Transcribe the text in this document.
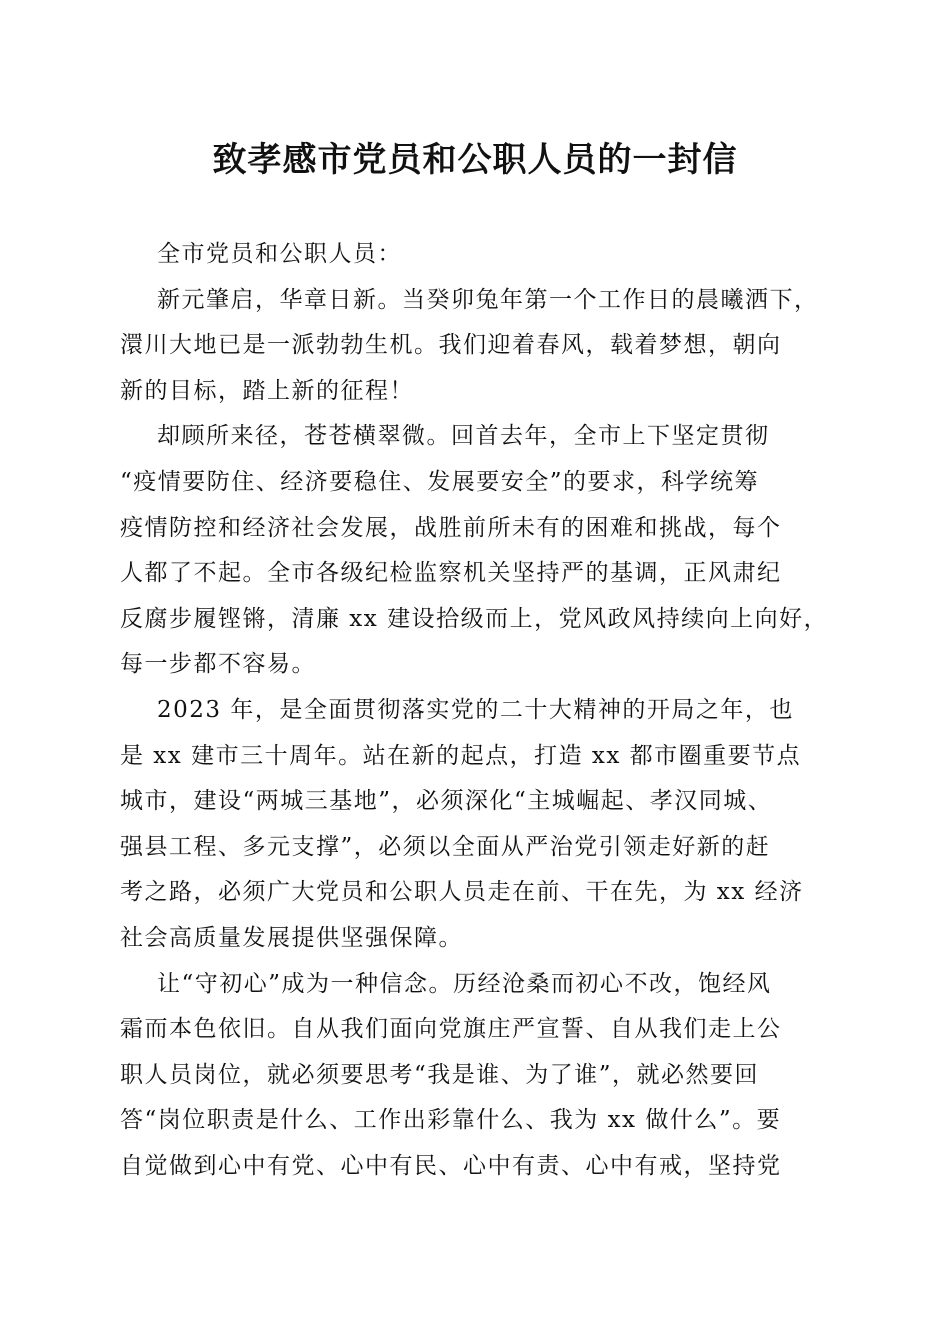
致孝感市党员和公职人员的一封信
全市党员和公职人员：
新元肇启，华章日新。当癸卯兔年第一个工作日的晨曦洒下，
澴川大地已是一派勃勃生机。我们迎着春风，载着梦想，朝向
新的目标，踏上新的征程！
却顾所来径，苍苍横翠微。回首去年，全市上下坚定贯彻
“疫情要防住、经济要稳住、发展要安全”的要求，科学统筹
疫情防控和经济社会发展，战胜前所未有的困难和挑战，每个
人都了不起。全市各级纪检监察机关坚持严的基调，正风肃纪
反腐步履铿锵，清廉 xx 建设拾级而上，党风政风持续向上向好，
每一步都不容易。
2023 年，是全面贯彻落实党的二十大精神的开局之年，也
是 xx 建市三十周年。站在新的起点，打造 xx 都市圈重要节点
城市，建设“两城三基地”，必须深化“主城崛起、孝汉同城、
强县工程、多元支撑”，必须以全面从严治党引领走好新的赶
考之路，必须广大党员和公职人员走在前、干在先，为 xx 经济
社会高质量发展提供坚强保障。
让“守初心”成为一种信念。历经沧桑而初心不改，饱经风
霜而本色依旧。自从我们面向党旗庄严宣誓、自从我们走上公
职人员岗位，就必须要思考“我是谁、为了谁”，就必然要回
答“岗位职责是什么、工作出彩靠什么、我为 xx 做什么”。要
自觉做到心中有党、心中有民、心中有责、心中有戒，坚持党
